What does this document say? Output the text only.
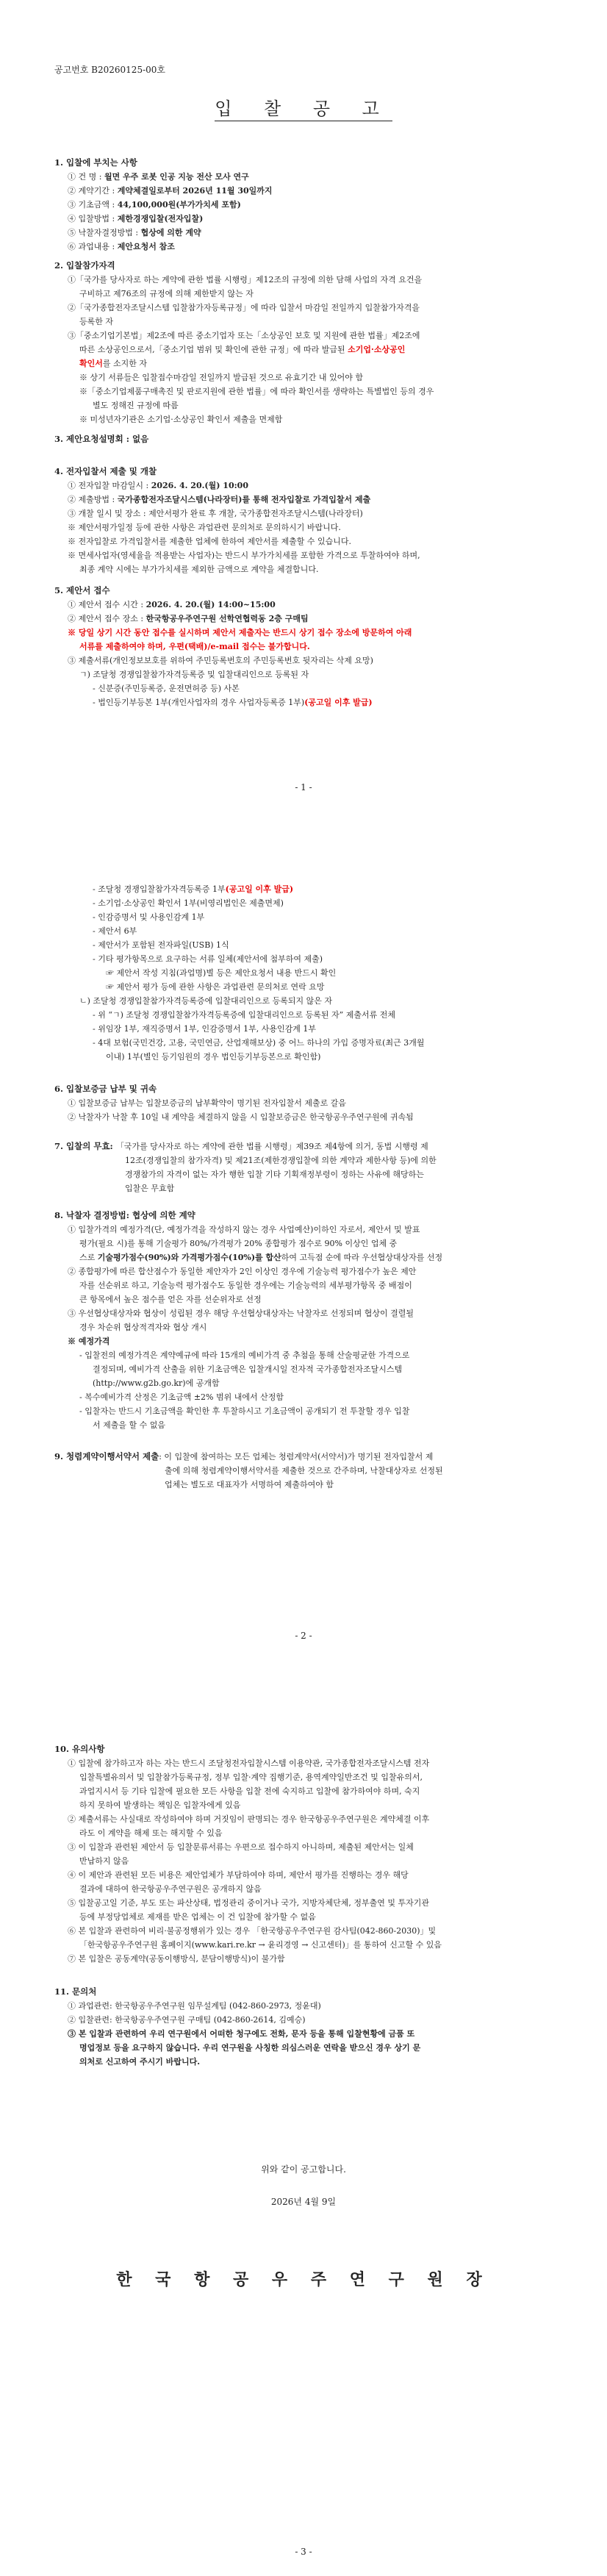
공고번호 B20260125-00호
입 찰 공 고
1. 입찰에 부치는 사항
① 건 명 : 월면 우주 로봇 인공 지능 전산 모사 연구
② 계약기간 : 계약체결일로부터 2026년 11월 30일까지
③ 기초금액 : 44,100,000원(부가가치세 포함)
④ 입찰방법 : 제한경쟁입찰(전자입찰)
⑤ 낙찰자결정방법 : 협상에 의한 계약
⑥ 과업내용 : 제안요청서 참조
2. 입찰참가자격
①「국가를 당사자로 하는 계약에 관한 법률 시행령」제12조의 규정에 의한 담해 사업의 자격 요건을
구비하고 제76조의 규정에 의해 제한받지 않는 자
②「국가종합전자조달시스템 입찰참가자등록규정」에 따라 입찰서 마감일 전일까지 입찰참가자격을
등록한 자
③「중소기업기본법」제2조에 따른 중소기업자 또는「소상공인 보호 및 지원에 관한 법률」제2조에
따른 소상공인으로서,「중소기업 범위 및 확인에 관한 규정」에 따라 발급된 소기업·소상공인
확인서를 소지한 자
※ 상기 서류들은 입찰접수마감일 전일까지 발급된 것으로 유효기간 내 있어야 함
※「중소기업제품구매촉진 및 판로지원에 관한 법률」에 따라 확인서를 생략하는 특별법인 등의 경우
별도 정해진 규정에 따름
※ 미성년자기관은 소기업·소상공인 확인서 제출을 면제함
3. 제안요청설명회 : 없음
4. 전자입찰서 제출 및 개찰
① 전자입찰 마감일시 : 2026. 4. 20.(월) 10:00
② 제출방법 : 국가종합전자조달시스템(나라장터)를 통해 전자입찰로 가격입찰서 제출
③ 개찰 일시 및 장소 : 제안서평가 완료 후 개찰, 국가종합전자조달시스템(나라장터)
※ 제안서평가일정 등에 관한 사항은 과업관련 문의처로 문의하시기 바랍니다.
※ 전자입찰로 가격입찰서를 제출한 업체에 한하여 제안서를 제출할 수 있습니다.
※ 면세사업자(영세율을 적용받는 사업자)는 반드시 부가가치세를 포함한 가격으로 투찰하여야 하며,
최종 계약 시에는 부가가치세를 제외한 금액으로 계약을 체결합니다.
5. 제안서 접수
① 제안서 접수 시간 : 2026. 4. 20.(월) 14:00~15:00
② 제안서 접수 장소 : 한국항공우주연구원 선학연협력동 2층 구매팀
※ 당일 상기 시간 동안 접수를 실시하며 제안서 제출자는 반드시 상기 접수 장소에 방문하여 아래
서류를 제출하여야 하며, 우편(택배)/e-mail 접수는 불가합니다.
③ 제출서류(개인정보보호를 위하여 주민등록번호의 주민등록번호 뒷자리는 삭제 요망)
ㄱ) 조달청 경쟁입찰참가자격등록증 및 입찰대리인으로 등록된 자
- 신분증(주민등록증, 운전면허증 등) 사본
- 법인등기부등본 1부(개인사업자의 경우 사업자등록증 1부)(공고일 이후 발급)
- 1 -
- 조달청 경쟁입찰참가자격등록증 1부(공고일 이후 발급)
- 소기업·소상공인 확인서 1부(비영리법인은 제출면제)
- 인감증명서 및 사용인감계 1부
- 제안서 6부
- 제안서가 포함된 전자파일(USB) 1식
- 기타 평가항목으로 요구하는 서류 일체(제안서에 첨부하여 제출)
☞ 제안서 작성 지침(과업명)별 등은 제안요청서 내용 반드시 확인
☞ 제안서 평가 등에 관한 사항은 과업관련 문의처로 연락 요망
ㄴ) 조달청 경쟁입찰참가자격등록증에 입찰대리인으로 등록되지 않은 자
- 위 “ㄱ) 조달청 경쟁입찰참가자격등록증에 입찰대리인으로 등록된 자” 제출서류 전체
- 위임장 1부, 재직증명서 1부, 인감증명서 1부, 사용인감계 1부
- 4대 보험(국민건강, 고용, 국민연금, 산업재해보상) 중 어느 하나의 가입 증명자료(최근 3개월
이내) 1부(별인 등기임원의 경우 법인등기부등본으로 확인함)
6. 입찰보증금 납부 및 귀속
① 입찰보증금 납부는 입찰보증금의 납부확약이 명기된 전자입찰서 제출로 갈음
② 낙찰자가 낙찰 후 10일 내 계약을 체결하지 않을 시 입찰보증금은 한국항공우주연구원에 귀속됨
7. 입찰의 무효: 「국가를 당사자로 하는 계약에 관한 법률 시행령」제39조 제4항에 의거, 동법 시행령 제
12조(경쟁입찰의 참가자격) 및 제21조(제한경쟁입찰에 의한 계약과 제한사항 등)에 의한
경쟁참가의 자격이 없는 자가 행한 입찰 기타 기획재정부령이 정하는 사유에 해당하는
입찰은 무효함
8. 낙찰자 결정방법: 협상에 의한 계약
① 입찰가격의 예정가격(단, 예정가격을 작성하지 않는 경우 사업예산)이하인 자로서, 제안서 및 발표
평가(필요 시)를 통해 기술평가 80%/가격평가 20% 종합평가 점수로 90% 이상인 업체 중
스로 기술평가점수(90%)와 가격평가점수(10%)를 합산하여 고득점 순에 따라 우선협상대상자를 선정
② 종합평가에 따른 합산점수가 동일한 제안자가 2인 이상인 경우에 기술능력 평가점수가 높은 제안
자를 선순위로 하고, 기술능력 평가점수도 동일한 경우에는 기술능력의 세부평가항목 중 배점이
큰 항목에서 높은 점수를 얻은 자를 선순위자로 선정
③ 우선협상대상자와 협상이 성립된 경우 해당 우선협상대상자는 낙찰자로 선정되며 협상이 결렬될
경우 차순위 협상적격자와 협상 개시
※ 예정가격
- 입찰전의 예정가격은 계약예규에 따라 15개의 예비가격 중 추첨을 통해 산술평균한 가격으로
결정되며, 예비가격 산출을 위한 기초금액은 입찰개시일 전자적 국가종합전자조달시스템
(http://www.g2b.go.kr)에 공개함
- 복수예비가격 산정은 기초금액 ±2% 범위 내에서 산정함
- 입찰자는 반드시 기초금액을 확인한 후 투찰하시고 기초금액이 공개되기 전 투찰할 경우 입찰
서 제출을 할 수 없음
9. 청렴계약이행서약서 제출: 이 입찰에 참여하는 모든 업체는 청렴계약서(서약서)가 명기된 전자입찰서 제
출에 의해 청렴계약이행서약서를 제출한 것으로 간주하며, 낙찰대상자로 선정된
업체는 별도로 대표자가 서명하여 제출하여야 함
- 2 -
10. 유의사항
① 입찰에 참가하고자 하는 자는 반드시 조달청전자입찰시스템 이용약관, 국가종합전자조달시스템 전자
입찰특별유의서 및 입찰참가등록규정, 정부 입찰·계약 집행기준, 용역계약일반조건 및 입찰유의서,
과업지시서 등 기타 입찰에 필요한 모든 사항을 입찰 전에 숙지하고 입찰에 참가하여야 하며, 숙지
하지 못하여 발생하는 책임은 입찰자에게 있음
② 제출서류는 사실대로 작성하여야 하며 거짓임이 판명되는 경우 한국항공우주연구원은 계약체결 이후
라도 이 계약을 해제 또는 해지할 수 있음
③ 이 입찰과 관련된 제안서 등 입찰문류서류는 우편으로 접수하지 아니하며, 제출된 제안서는 일체
반납하지 않음
④ 이 제안과 관련된 모든 비용은 제안업체가 부담하여야 하며, 제안서 평가를 진행하는 경우 해당
결과에 대하여 한국항공우주연구원은 공개하지 않음
⑤ 입찰공고일 기준, 부도 또는 파산상태, 법정관리 중이거나 국가, 지방자체단체, 정부출연 및 투자기관
등에 부정당업체로 제재를 받은 업체는 이 건 입찰에 참가할 수 없음
⑥ 본 입찰과 관련하여 비리·불공정행위가 있는 경우 「한국항공우주연구원 감사팀(042-860-2030)」및
「한국항공우주연구원 홈페이지(www.kari.re.kr → 윤리경영 → 신고센터)」를 통하여 신고할 수 있음
⑦ 본 입찰은 공동계약(공동이행방식, 분담이행방식)이 불가함
11. 문의처
① 과업관련: 한국항공우주연구원 임무설계팀 (042-860-2973, 정윤대)
② 입찰관련: 한국항공우주연구원 구매팀 (042-860-2614, 김예승)
③ 본 입찰과 관련하여 우리 연구원에서 어떠한 청구에도 전화, 문자 등을 통해 입찰현황에 금품 또
명업정보 등을 요구하지 않습니다. 우리 연구원을 사칭한 의심스러운 연락을 받으신 경우 상기 문
의처로 신고하여 주시기 바랍니다.
위와 같이 공고합니다.
2026년 4월 9일
한 국 항 공 우 주 연 구 원 장
- 3 -
